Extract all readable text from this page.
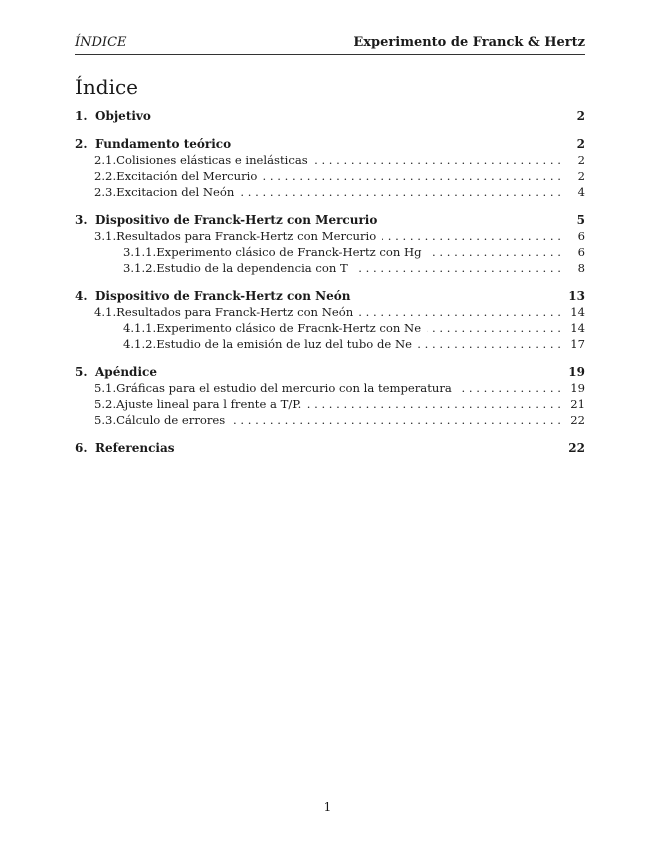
ÍNDICE	Experimento de Franck & Hertz
Índice
1. Objetivo	2
2. Fundamento teórico	2
2.1. Colisiones elásticas e inelásticas . . .	2
2.2. Excitación del Mercurio . . .	2
2.3. Excitacion del Neón . . .	4
3. Dispositivo de Franck-Hertz con Mercurio	5
3.1. Resultados para Franck-Hertz con Mercurio . . .	6
3.1.1. Experimento clásico de Franck-Hertz con Hg . . .	6
3.1.2. Estudio de la dependencia con T . . .	8
4. Dispositivo de Franck-Hertz con Neón	13
4.1. Resultados para Franck-Hertz con Neón . . .	14
4.1.1. Experimento clásico de Fracnk-Hertz con Ne . . .	14
4.1.2. Estudio de la emisión de luz del tubo de Ne . . .	17
5. Apéndice	19
5.1. Gráficas para el estudio del mercurio con la temperatura . . .	19
5.2. Ajuste lineal para l frente a T/P. . . .	21
5.3. Cálculo de errores . . .	22
6. Referencias	22
1
